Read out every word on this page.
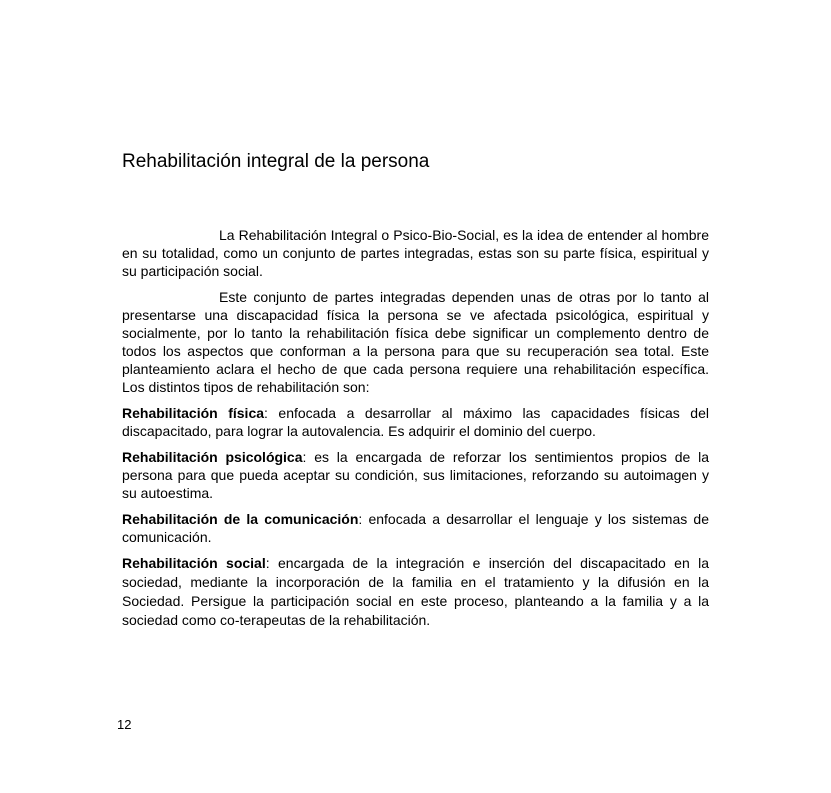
Rehabilitación integral de la persona

La Rehabilitación Integral o Psico-Bio-Social, es la idea de entender al hombre en su totalidad, como un conjunto de partes integradas, estas son su parte física, espiritual y su participación social.

Este conjunto de partes integradas dependen unas de otras por lo tanto al presentarse una discapacidad física la persona se ve afectada psicológica, espiritual y socialmente, por lo tanto la rehabilitación física debe significar un complemento dentro de todos los aspectos que conforman a la persona para que su recuperación sea total. Este planteamiento aclara el hecho de que cada persona requiere una rehabilitación específica. Los distintos tipos de rehabilitación son:

Rehabilitación física: enfocada a desarrollar al máximo las capacidades físicas del discapacitado, para lograr la autovalencia. Es adquirir el dominio del cuerpo.

Rehabilitación psicológica: es la encargada de reforzar los sentimientos propios de la persona para que pueda aceptar su condición, sus limitaciones, reforzando su autoimagen y su autoestima.

Rehabilitación de la comunicación: enfocada a desarrollar el lenguaje y los sistemas de comunicación.

Rehabilitación social: encargada de la integración e inserción del discapacitado en la sociedad, mediante la incorporación de la familia en el tratamiento y la difusión en la Sociedad. Persigue la participación social en este proceso, planteando a la familia y a la sociedad como co-terapeutas de la rehabilitación.

12
